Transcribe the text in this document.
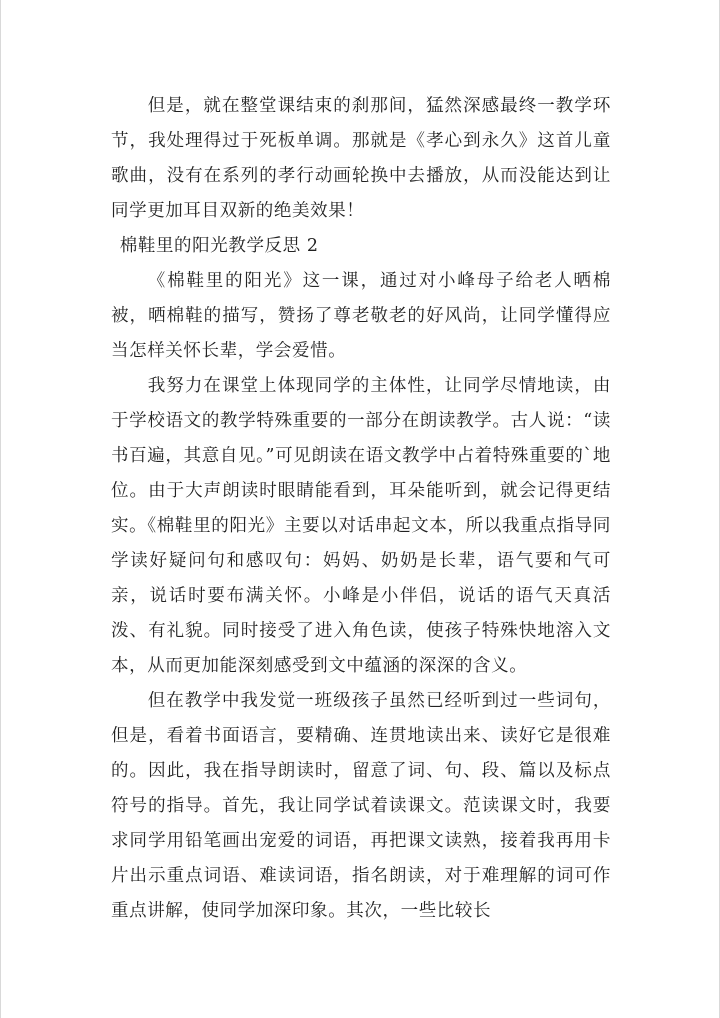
但是，就在整堂课结束的刹那间，猛然深感最终一教学环节，我处理得过于死板单调。那就是《孝心到永久》这首儿童歌曲，没有在系列的孝行动画轮换中去播放，从而没能达到让同学更加耳目双新的绝美效果！

棉鞋里的阳光教学反思 2

《棉鞋里的阳光》这一课，通过对小峰母子给老人晒棉被，晒棉鞋的描写，赞扬了尊老敬老的好风尚，让同学懂得应当怎样关怀长辈，学会爱惜。

我努力在课堂上体现同学的主体性，让同学尽情地读，由于学校语文的教学特殊重要的一部分在朗读教学。古人说：“读书百遍，其意自见。”可见朗读在语文教学中占着特殊重要的`地位。由于大声朗读时眼睛能看到，耳朵能听到，就会记得更结实。《棉鞋里的阳光》主要以对话串起文本，所以我重点指导同学读好疑问句和感叹句：妈妈、奶奶是长辈，语气要和气可亲，说话时要布满关怀。小峰是小伴侣，说话的语气天真活泼、有礼貌。同时接受了进入角色读，使孩子特殊快地溶入文本，从而更加能深刻感受到文中蕴涵的深深的含义。

但在教学中我发觉一班级孩子虽然已经听到过一些词句，但是，看着书面语言，要精确、连贯地读出来、读好它是很难的。因此，我在指导朗读时，留意了词、句、段、篇以及标点符号的指导。首先，我让同学试着读课文。范读课文时，我要求同学用铅笔画出宠爱的词语，再把课文读熟，接着我再用卡片出示重点词语、难读词语，指名朗读，对于难理解的词可作重点讲解，使同学加深印象。其次，一些比较长
